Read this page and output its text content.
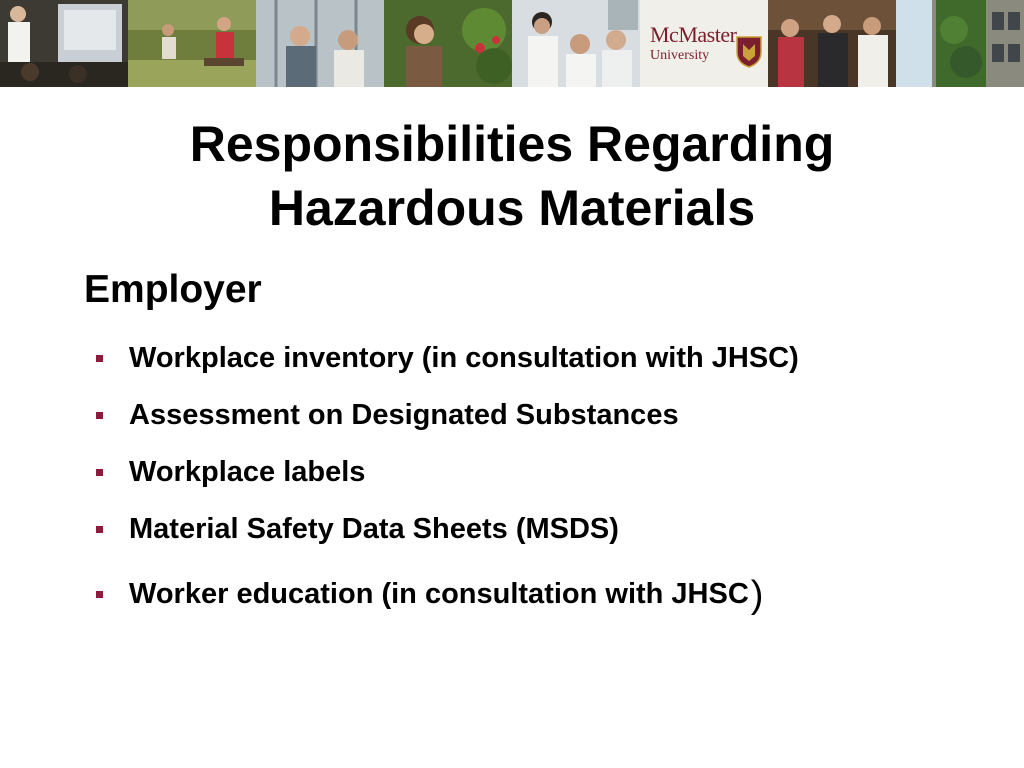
McMaster
University
Responsibilities Regarding
Hazardous Materials
Employer
Workplace inventory (in consultation with JHSC)
Assessment on Designated Substances
Workplace labels
Material Safety Data Sheets (MSDS)
Worker education (in consultation with JHSC )
